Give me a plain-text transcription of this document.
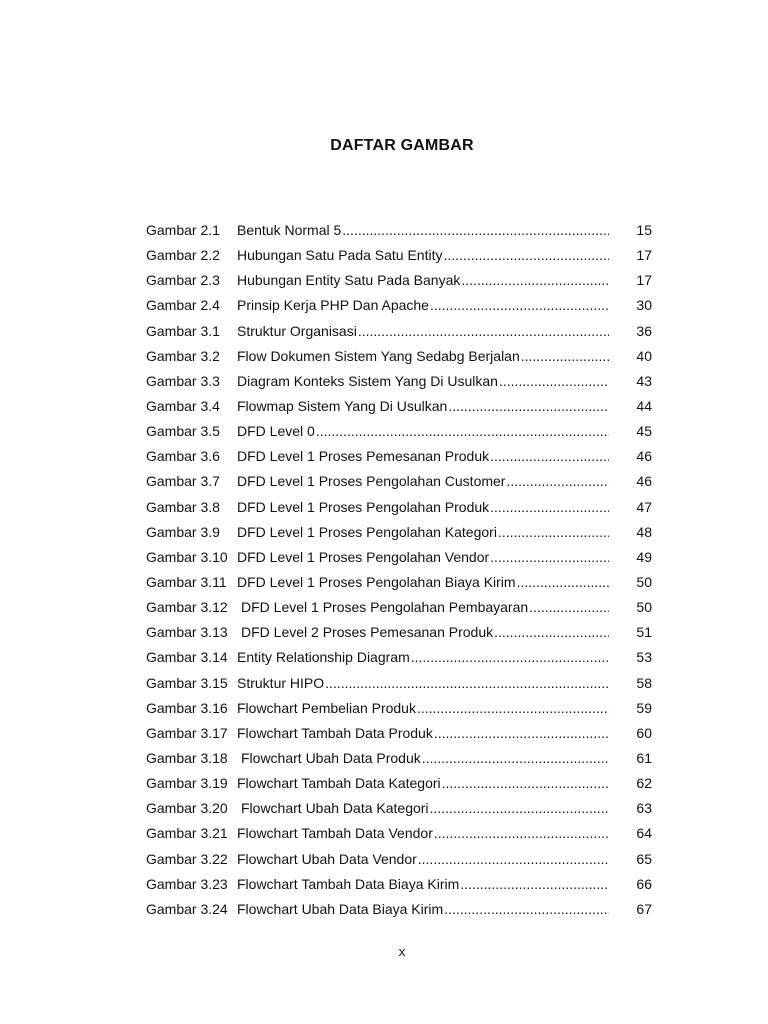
DAFTAR GAMBAR
Gambar 2.1 Bentuk Normal 5 .....	15
Gambar 2.2 Hubungan Satu Pada Satu Entity .....	17
Gambar 2.3 Hubungan Entity Satu Pada Banyak .....	17
Gambar 2.4 Prinsip Kerja PHP Dan Apache .....	30
Gambar 3.1 Struktur Organisasi .....	36
Gambar 3.2 Flow Dokumen Sistem Yang Sedabg Berjalan .....	40
Gambar 3.3 Diagram Konteks Sistem Yang Di Usulkan .....	43
Gambar 3.4 Flowmap Sistem Yang Di Usulkan .....	44
Gambar 3.5 DFD Level 0 .....	45
Gambar 3.6 DFD Level 1 Proses Pemesanan Produk .....	46
Gambar 3.7 DFD Level 1 Proses Pengolahan Customer .....	46
Gambar 3.8 DFD Level 1 Proses Pengolahan Produk .....	47
Gambar 3.9 DFD Level 1 Proses Pengolahan Kategori .....	48
Gambar 3.10 DFD Level 1 Proses Pengolahan Vendor .....	49
Gambar 3.11 DFD Level 1 Proses Pengolahan Biaya Kirim .....	50
Gambar 3.12 DFD Level 1 Proses Pengolahan Pembayaran .....	50
Gambar 3.13 DFD Level 2 Proses Pemesanan Produk .....	51
Gambar 3.14 Entity Relationship Diagram .....	53
Gambar 3.15 Struktur HIPO .....	58
Gambar 3.16 Flowchart Pembelian Produk .....	59
Gambar 3.17 Flowchart Tambah Data Produk .....	60
Gambar 3.18 Flowchart Ubah Data Produk .....	61
Gambar 3.19 Flowchart Tambah Data Kategori .....	62
Gambar 3.20 Flowchart Ubah Data Kategori .....	63
Gambar 3.21 Flowchart Tambah Data Vendor .....	64
Gambar 3.22 Flowchart Ubah Data Vendor .....	65
Gambar 3.23 Flowchart Tambah Data Biaya Kirim .....	66
Gambar 3.24 Flowchart Ubah Data Biaya Kirim .....	67
x
